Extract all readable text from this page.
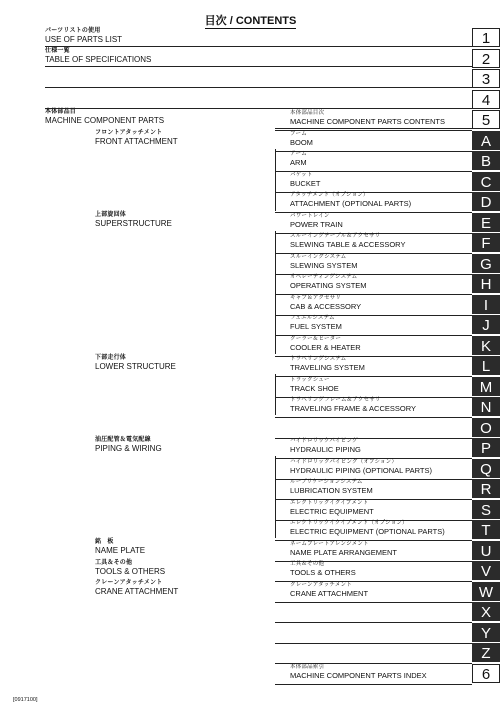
目次 / CONTENTS
パーツリストの使用
USE OF PARTS LIST
仕様一覧
TABLE OF SPECIFICATIONS
本体部品目
MACHINE COMPONENT PARTS
フロントアタッチメント
FRONT ATTACHMENT
上部旋回体
SUPERSTRUCTURE
下部走行体
LOWER STRUCTURE
油圧配管＆電気配線
PIPING & WIRING
銘　板
NAME PLATE
工具＆その他
TOOLS & OTHERS
クレーンアタッチメント
CRANE ATTACHMENT
本体部品目次
MACHINE COMPONENT PARTS CONTENTS
ブーム
BOOM
アーム
ARM
バケット
BUCKET
アタッチメント（オプション）
ATTACHMENT (OPTIONAL PARTS)
パワートレイン
POWER TRAIN
スルーイングテーブル＆アクセサリ
SLEWING TABLE & ACCESSORY
スルーイングシステム
SLEWING SYSTEM
オペレーティングシステム
OPERATING SYSTEM
キャブ＆アクセサリ
CAB & ACCESSORY
フュエルシステム
FUEL SYSTEM
クーラー＆ヒーター
COOLER & HEATER
トラベリングシステム
TRAVELING SYSTEM
トラックシュー
TRACK SHOE
トラベリングフレーム＆アクセサリ
TRAVELING FRAME & ACCESSORY
ハイドロリックパイピング
HYDRAULIC PIPING
ハイドロリックパイピング（オプション）
HYDRAULIC PIPING (OPTIONAL PARTS)
ルーブリケーションシステム
LUBRICATION SYSTEM
エレクトリックイクイプメント
ELECTRIC EQUIPMENT
エレクトリックイクイプメント（オプション）
ELECTRIC EQUIPMENT (OPTIONAL PARTS)
ネームプレートアレンジメント
NAME PLATE ARRANGEMENT
工具＆その他
TOOLS & OTHERS
クレーンアタッチメント
CRANE ATTACHMENT
本体部品索引
MACHINE COMPONENT PARTS INDEX
1
2
3
4
5
A
B
C
D
E
F
G
H
I
J
K
L
M
N
O
P
Q
R
S
T
U
V
W
X
Y
Z
6
[0917100]
